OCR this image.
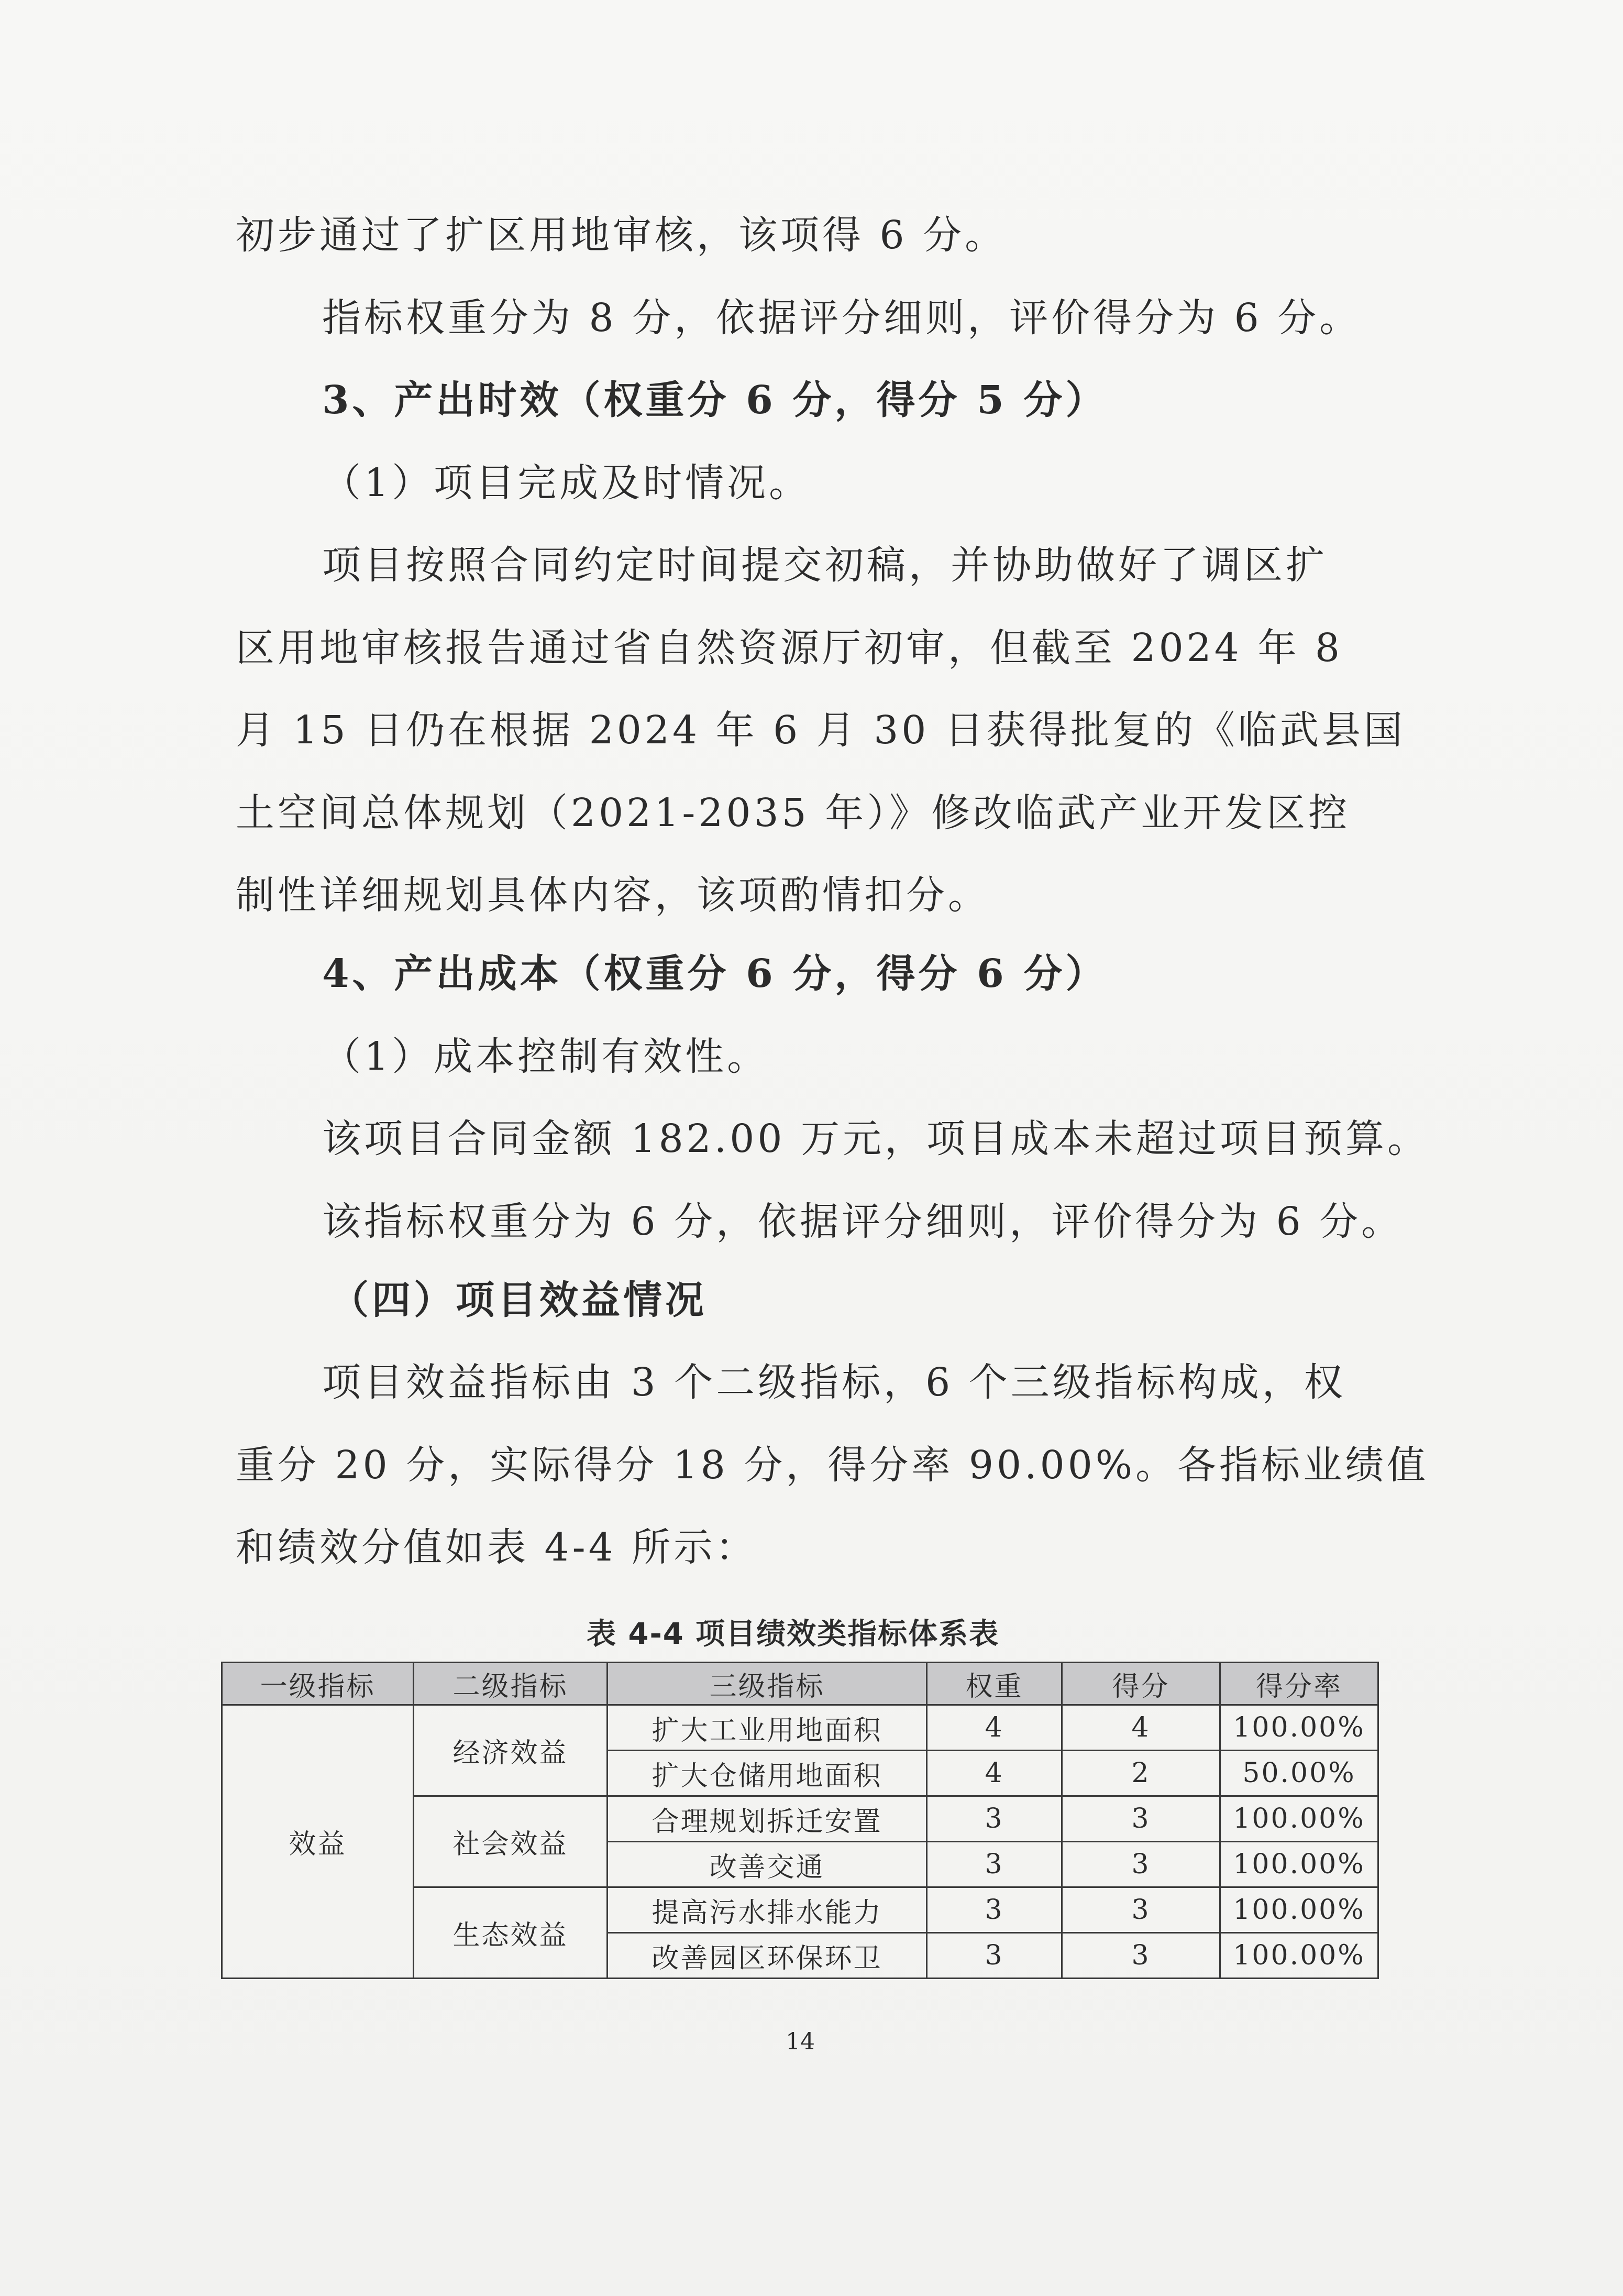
初步通过了扩区用地审核，该项得 6 分。
指标权重分为 8 分，依据评分细则，评价得分为 6 分。
3、产出时效（权重分 6 分，得分 5 分）
（1）项目完成及时情况。
项目按照合同约定时间提交初稿，并协助做好了调区扩
区用地审核报告通过省自然资源厅初审，但截至 2024 年 8
月 15 日仍在根据 2024 年 6 月 30 日获得批复的《临武县国
土空间总体规划（2021-2035 年）》修改临武产业开发区控
制性详细规划具体内容，该项酌情扣分。
4、产出成本（权重分 6 分，得分 6 分）
（1）成本控制有效性。
该项目合同金额 182.00 万元，项目成本未超过项目预算。
该指标权重分为 6 分，依据评分细则，评价得分为 6 分。
（四）项目效益情况
项目效益指标由 3 个二级指标，6 个三级指标构成，权
重分 20 分，实际得分 18 分，得分率 90.00%。各指标业绩值
和绩效分值如表 4-4 所示：
表 4-4 项目绩效类指标体系表
一级指标	二级指标	三级指标	权重	得分	得分率
效益	经济效益	扩大工业用地面积	4	4	100.00%
		扩大仓储用地面积	4	2	50.00%
	社会效益	合理规划拆迁安置	3	3	100.00%
		改善交通	3	3	100.00%
	生态效益	提高污水排水能力	3	3	100.00%
		改善园区环保环卫	3	3	100.00%
14
